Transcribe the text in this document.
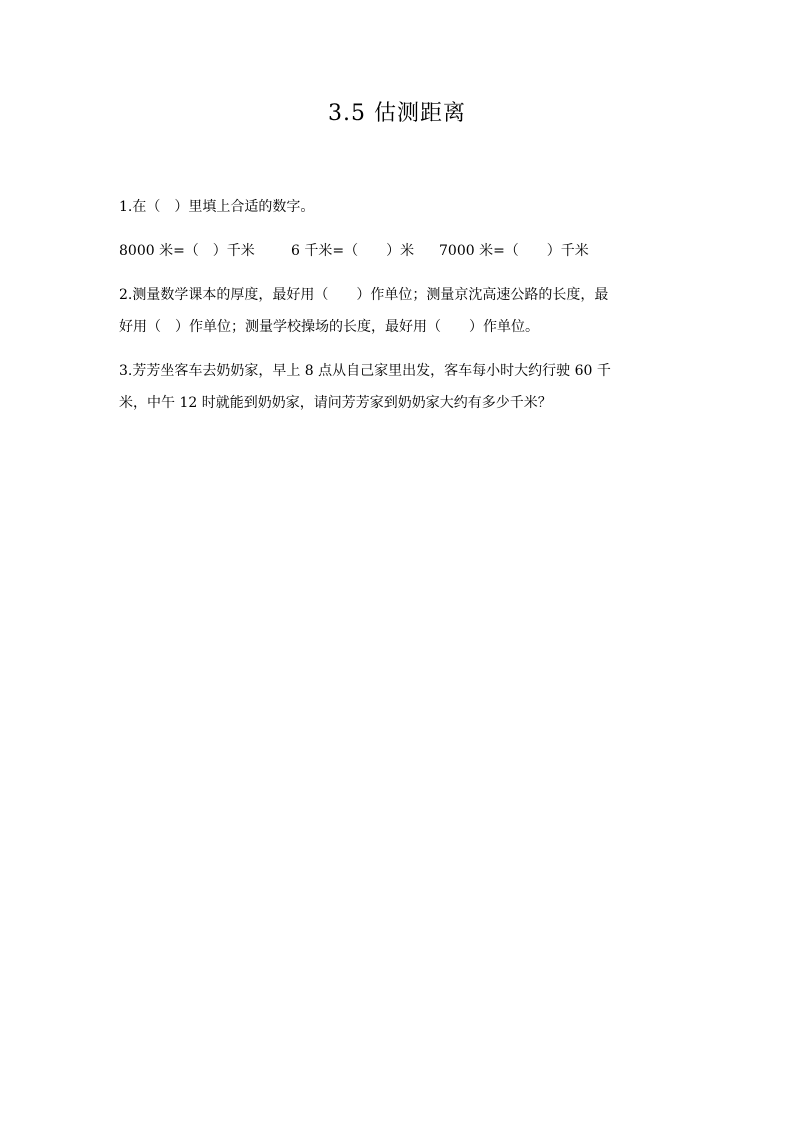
3.5 估测距离

1.在（　）里填上合适的数字。

8000 米=（　）千米	6 千米=（　　）米 7000 米=（　　）千米

2.测量数学课本的厚度，最好用（　　）作单位；测量京沈高速公路的长度，最

好用（　）作单位；测量学校操场的长度，最好用（　　）作单位。

3.芳芳坐客车去奶奶家，早上 8 点从自己家里出发，客车每小时大约行驶 60 千

米，中午 12 时就能到奶奶家，请问芳芳家到奶奶家大约有多少千米？
